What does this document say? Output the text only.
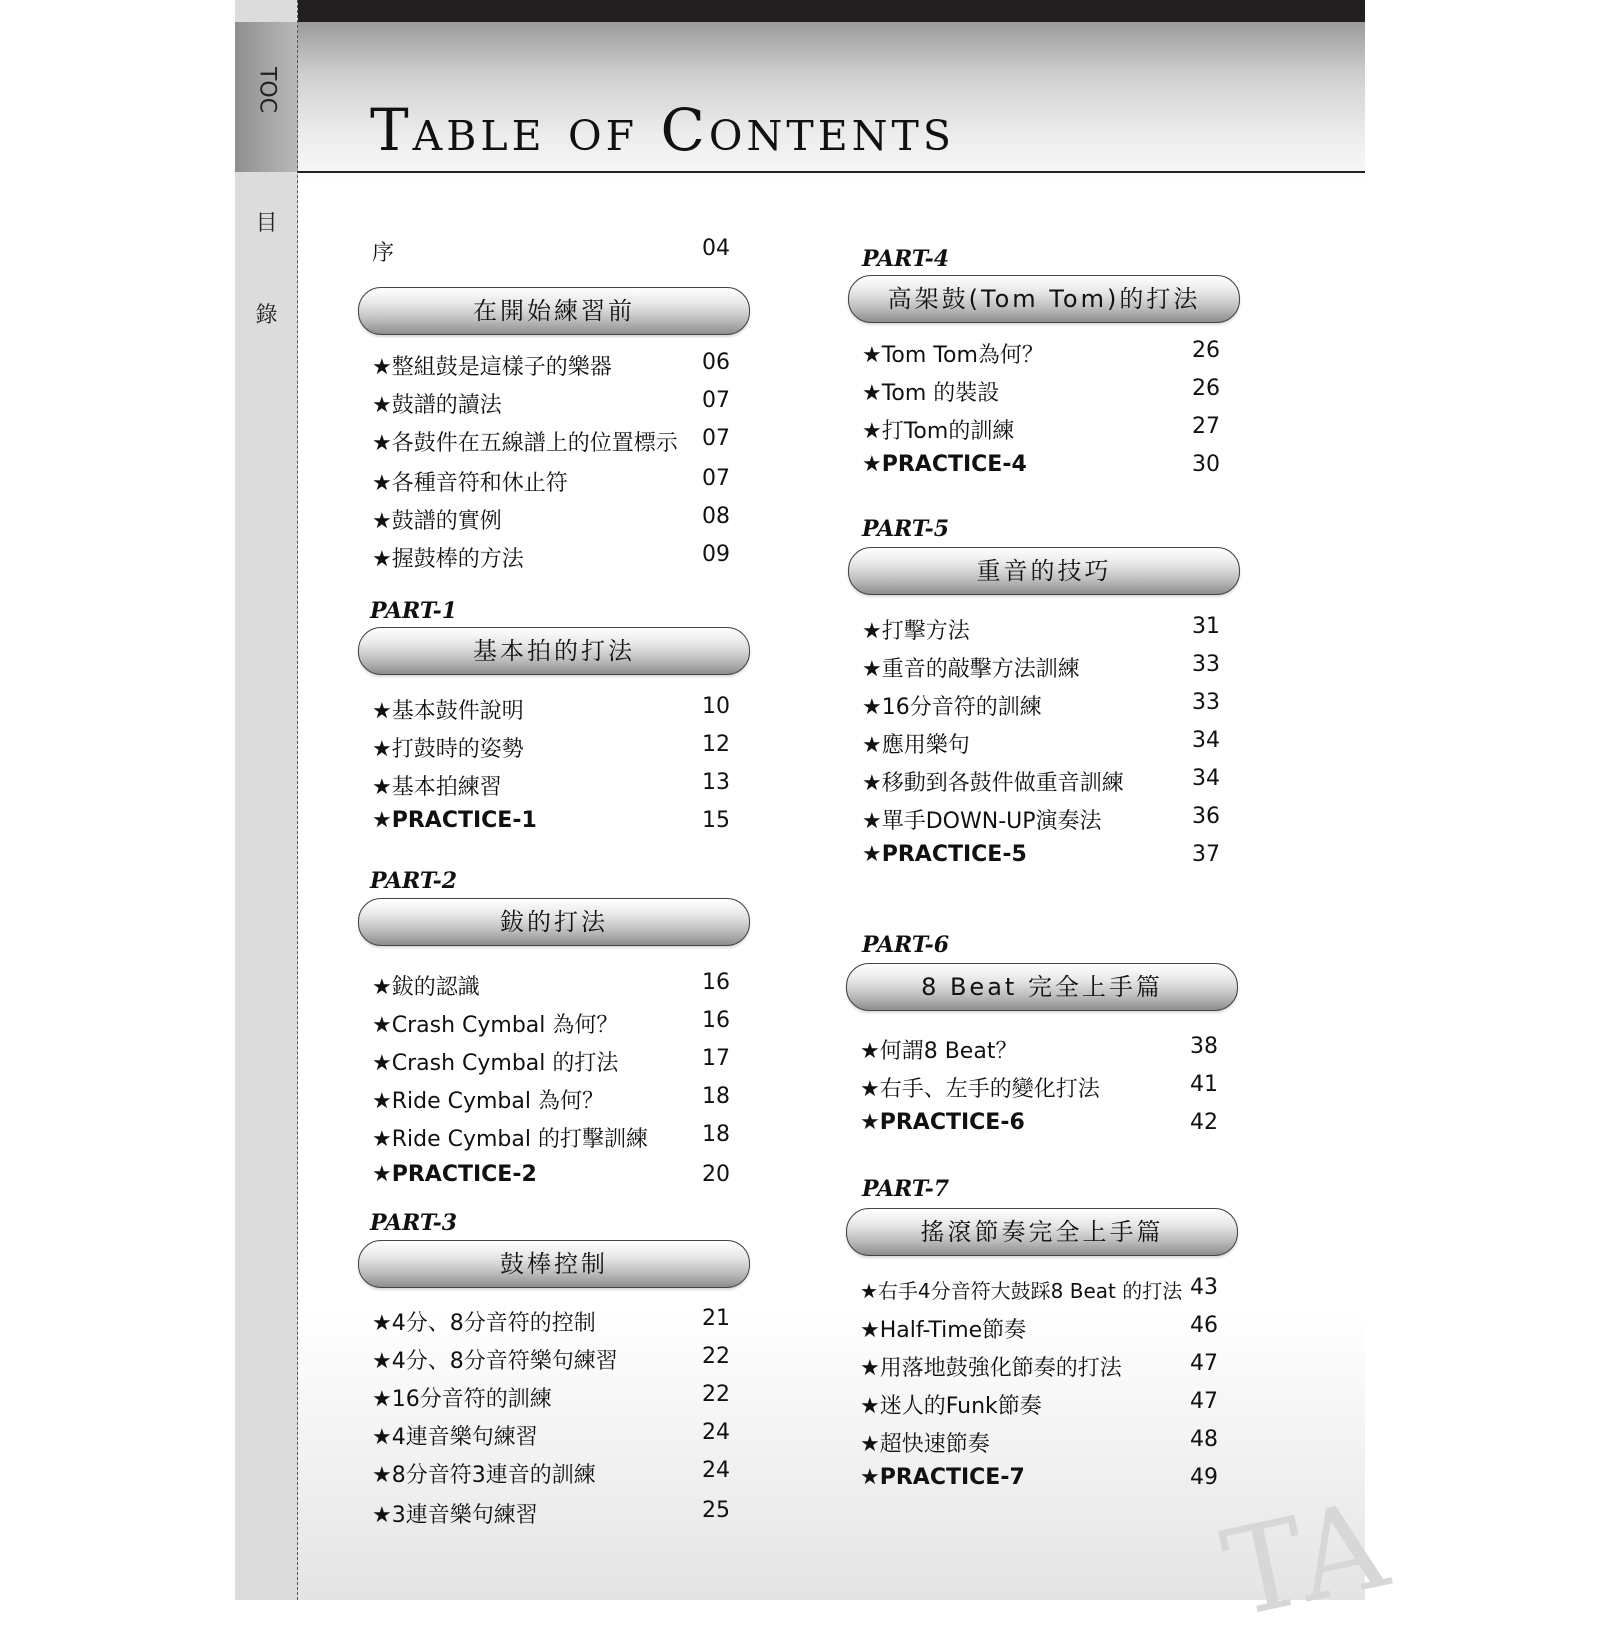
TOC
目
錄
Table of Contents
TA
序	04
在開始練習前
★整組鼓是這樣子的樂器	06
★鼓譜的讀法	07
★各鼓件在五線譜上的位置標示 07
★各種音符和休止符	07
★鼓譜的實例	08
★握鼓棒的方法	09
PART-1
基本拍的打法
★基本鼓件說明	10
★打鼓時的姿勢	12
★基本拍練習	13
★PRACTICE-1	15
PART-2
鈸的打法
★鈸的認識	16
★Crash Cymbal 為何？	16
★Crash Cymbal 的打法	17
★Ride Cymbal 為何？	18
★Ride Cymbal 的打擊訓練 18
★PRACTICE-2	20
PART-3
鼓棒控制
★4分、8分音符的控制	21
★4分、8分音符樂句練習	22
★16分音符的訓練	22
★4連音樂句練習	24
★8分音符3連音的訓練	24
★3連音樂句練習	25
PART-4
高架鼓(Tom Tom)的打法
★Tom Tom為何？	26
★Tom 的裝設	26
★打Tom的訓練	27
★PRACTICE-4	30
PART-5
重音的技巧
★打擊方法	31
★重音的敲擊方法訓練	33
★16分音符的訓練	33
★應用樂句	34
★移動到各鼓件做重音訓練	34
★單手DOWN-UP演奏法	36
★PRACTICE-5	37
PART-6
8 Beat 完全上手篇
★何謂8 Beat？	38
★右手、左手的變化打法	41
★PRACTICE-6	42
PART-7
搖滾節奏完全上手篇
★右手4分音符大鼓踩8 Beat 的打法 43
★Half-Time節奏	46
★用落地鼓強化節奏的打法	47
★迷人的Funk節奏	47
★超快速節奏	48
★PRACTICE-7	49
